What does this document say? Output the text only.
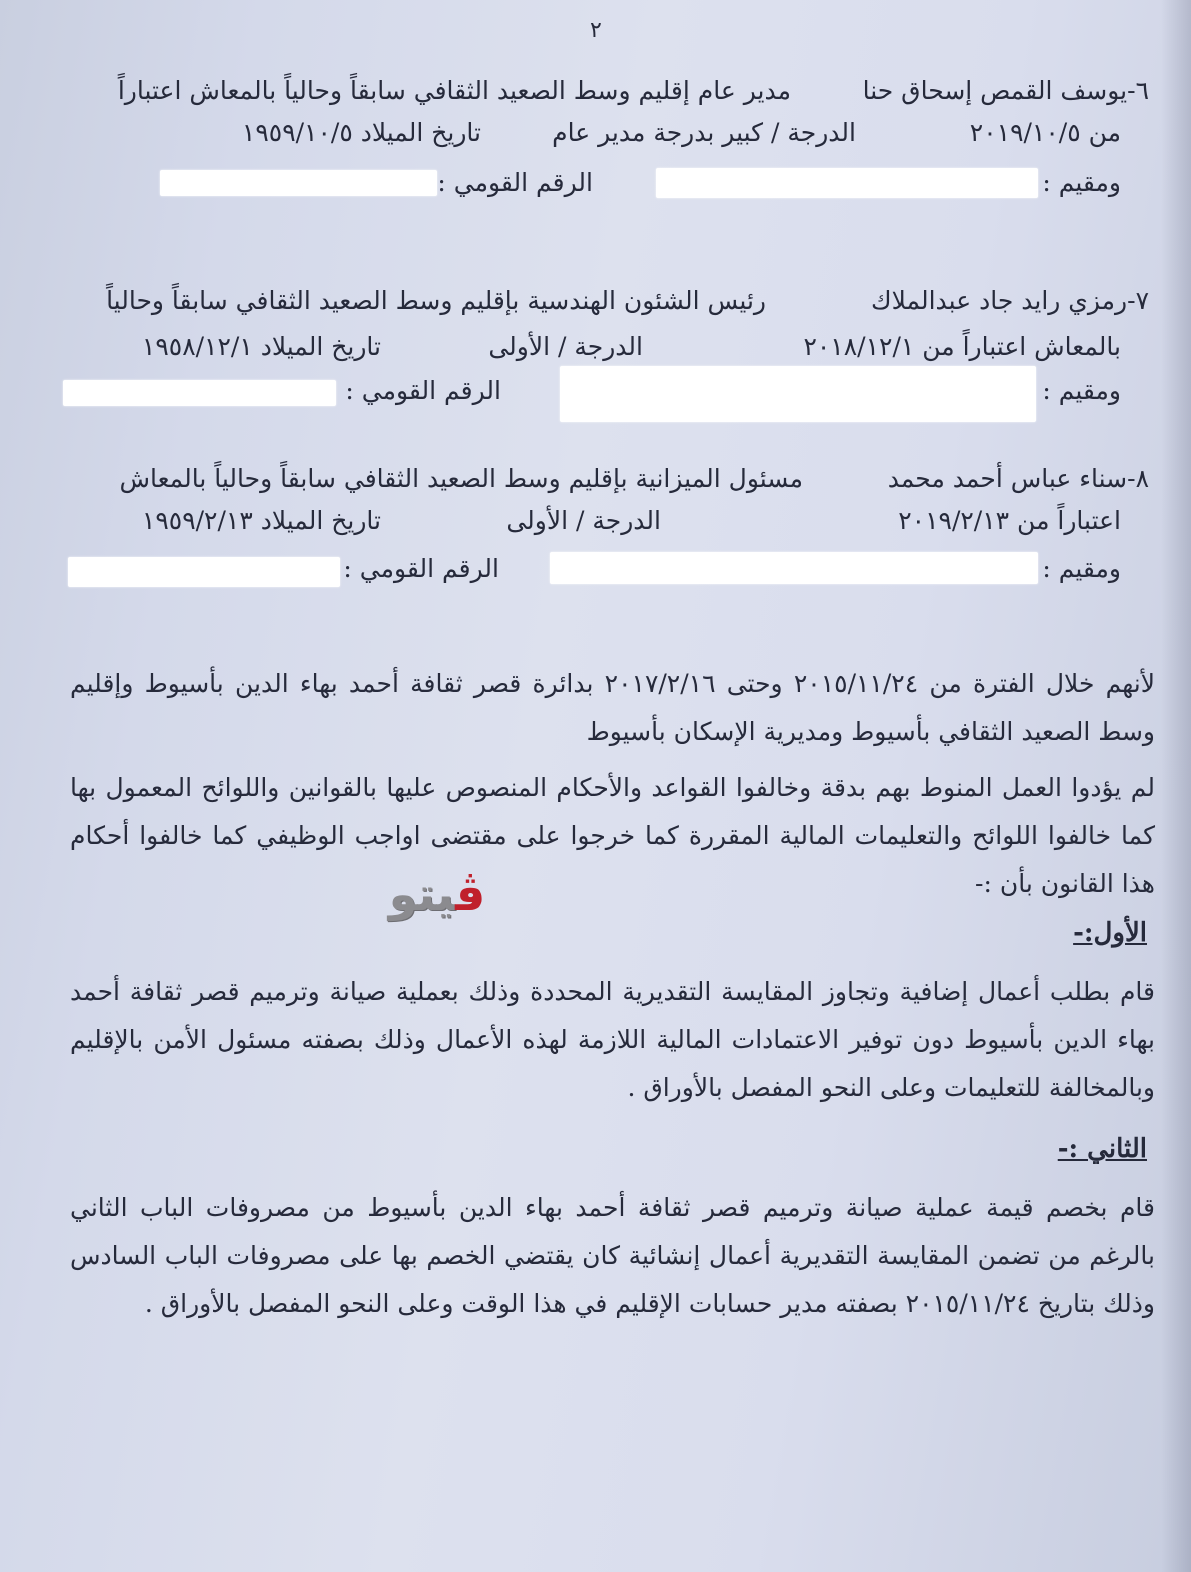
٢
٦-يوسف القمص إسحاق حنا
مدير عام إقليم وسط الصعيد الثقافي سابقاً وحالياً بالمعاش اعتباراً
من ٢٠١٩/١٠/٥
الدرجة / كبير بدرجة مدير عام
تاريخ الميلاد ١٩٥٩/١٠/٥
ومقيم :
الرقم القومي :
٧-رمزي رايد جاد عبدالملاك
رئيس الشئون الهندسية بإقليم وسط الصعيد الثقافي سابقاً وحالياً
بالمعاش اعتباراً من ٢٠١٨/١٢/١
الدرجة / الأولى
تاريخ الميلاد ١٩٥٨/١٢/١
ومقيم :
الرقم القومي :
٨-سناء عباس أحمد محمد
مسئول الميزانية بإقليم وسط الصعيد الثقافي سابقاً وحالياً بالمعاش
اعتباراً من ٢٠١٩/٢/١٣
الدرجة / الأولى
تاريخ الميلاد ١٩٥٩/٢/١٣
ومقيم :
الرقم القومي :
لأنهم خلال الفترة من ٢٠١٥/١١/٢٤ وحتى ٢٠١٧/٢/١٦ بدائرة قصر ثقافة أحمد بهاء الدين بأسيوط وإقليم وسط الصعيد الثقافي بأسيوط ومديرية الإسكان بأسيوط
لم يؤدوا العمل المنوط بهم بدقة وخالفوا القواعد والأحكام المنصوص عليها بالقوانين واللوائح المعمول بها كما خالفوا اللوائح والتعليمات المالية المقررة كما خرجوا على مقتضى اواجب الوظيفي كما خالفوا أحكام هذا القانون بأن :-
ڤيتو
الأول:-
قام بطلب أعمال إضافية وتجاوز المقايسة التقديرية المحددة وذلك بعملية صيانة وترميم قصر ثقافة أحمد بهاء الدين بأسيوط دون توفير الاعتمادات المالية اللازمة لهذه الأعمال وذلك بصفته مسئول الأمن بالإقليم وبالمخالفة للتعليمات وعلى النحو المفصل بالأوراق .
الثاني :-
قام بخصم قيمة عملية صيانة وترميم قصر ثقافة أحمد بهاء الدين بأسيوط من مصروفات الباب الثاني بالرغم من تضمن المقايسة التقديرية أعمال إنشائية كان يقتضي الخصم بها على مصروفات الباب السادس وذلك بتاريخ ٢٠١٥/١١/٢٤ بصفته مدير حسابات الإقليم في هذا الوقت وعلى النحو المفصل بالأوراق .
